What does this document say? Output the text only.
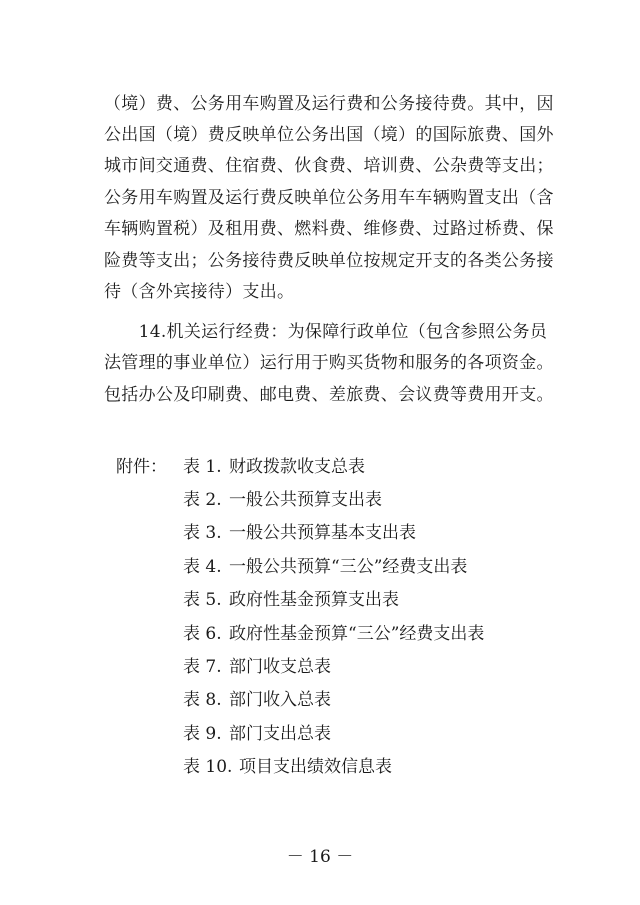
（境）费、公务用车购置及运行费和公务接待费。其中，因
公出国（境）费反映单位公务出国（境）的国际旅费、国外
城市间交通费、住宿费、伙食费、培训费、公杂费等支出；
公务用车购置及运行费反映单位公务用车车辆购置支出（含
车辆购置税）及租用费、燃料费、维修费、过路过桥费、保
险费等支出；公务接待费反映单位按规定开支的各类公务接
待（含外宾接待）支出。
　　14.机关运行经费：为保障行政单位（包含参照公务员
法管理的事业单位）运行用于购买货物和服务的各项资金。
包括办公及印刷费、邮电费、差旅费、会议费等费用开支。
附件： 表 1. 财政拨款收支总表
表 2. 一般公共预算支出表
表 3. 一般公共预算基本支出表
表 4. 一般公共预算“三公”经费支出表
表 5. 政府性基金预算支出表
表 6. 政府性基金预算“三公”经费支出表
表 7. 部门收支总表
表 8. 部门收入总表
表 9. 部门支出总表
表 10. 项目支出绩效信息表
－ 16 －
